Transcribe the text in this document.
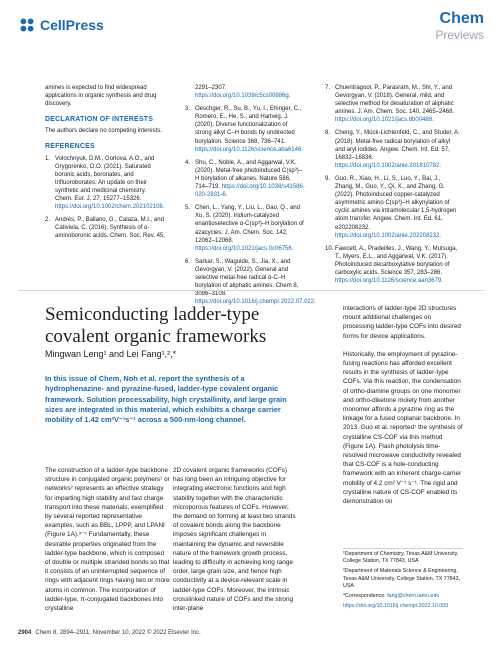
CellPress	Chem
Previews

amines is expected to find widespread applications in organic synthesis and drug discovery.

DECLARATION OF INTERESTS

The authors declare no competing interests.

REFERENCES
1. Volochnyuk, D.M., Gorlova, A.O., and Grygorenko, O.O. (2021). Saturated boronic acids, boronates, and trifluoroborates: An update on their synthetic and medicinal chemistry. Chem. Eur. J. 27, 15277–15326. https://doi.org/10.1002/chem.202102108.
2. Andrés, P., Ballano, G., Calaza, M.I., and Cativiela, C. (2016). Synthesis of α-aminoboronic acids. Chem. Soc. Rev. 45,
2291–2307. https://doi.org/10.1039/c5cs00886g.
3. Oeschger, R., Su, B., Yu, I., Ehinger, C., Romero, E., He, S., and Hartwig, J. (2020). Diverse functionalization of strong alkyl C–H bonds by undirected borylation. Science 368, 736–741. https://doi.org/10.1126/science.aba6146.
4. Shu, C., Noble, A., and Aggarwal, V.K. (2020). Metal-free photoinduced C(sp³)–H borylation of alkanes. Nature 586, 714–719. https://doi.org/10.1038/s41586-020-2831-6.
5. Chen, L., Yang, Y., Liu, L., Gao, Q., and Xu, S. (2020). Iridium-catalyzed enantioselective α-C(sp³)–H borylation of azacycles. J. Am. Chem. Soc. 142, 12062–12068. https://doi.org/10.1021/jacs.0c06756.
6. Sarkar, S., Wagulde, S., Jia, X., and Gevorgyan, V. (2022). General and selective metal-free radical α-C–H borylation of aliphatic amines. Chem 8, 3096–3108. https://doi.org/10.1016/j.chempr.2022.07.022.
7. Chuentragool, P., Parasram, M., Shi, Y., and Gevorgyan, V. (2018). General, mild, and selective method for desaturation of aliphatic amines. J. Am. Chem. Soc. 140, 2465–2468. https://doi.org/10.1021/jacs.8b00488.
8. Cheng, Y., Mück-Lichtenfeld, C., and Studer, A. (2018). Metal-free radical borylation of alkyl and aryl iodides. Angew. Chem. Int. Ed. 57, 16832–16836. https://doi.org/10.1002/anie.201810782.
9. Guo, R., Xiao, H., Li, S., Luo, Y., Bai, J., Zhang, M., Guo, Y., Qi, X., and Zhang, G. (2022). Photoinduced copper-catalyzed asymmetric amino C(sp³)–H alkynylation of cyclic amines via intramolecular 1,5-hydrogen atom transfer. Angew. Chem. Int. Ed. 61, e202208232. https://doi.org/10.1002/anie.202208232.
10. Fawcett, A., Pradeilles, J., Wang, Y., Mutsuga, T., Myers, E.L., and Aggarwal, V.K. (2017). Photoinduced decarboxylative borylation of carboxylic acids. Science 357, 283–286. https://doi.org/10.1126/science.aan3679.
Semiconducting ladder-type covalent organic frameworks
Mingwan Leng¹ and Lei Fang¹,²,*
In this issue of Chem, Noh et al. report the synthesis of a hydrophenazine- and pyrazine-fused, ladder-type covalent organic framework. Solution processability, high crystallinity, and large grain sizes are integrated in this material, which exhibits a charge carrier mobility of 1.42 cm²V⁻¹s⁻¹ across a 500-nm-long channel.
The construction of a ladder-type backbone structure in conjugated organic polymers¹ or networks² represents an effective strategy for imparting high stability and fast charge transport into these materials, exemplified by several reported representative examples, such as BBL, LPPP, and LPANI (Figure 1A).³⁻⁵ Fundamentally, these desirable properties originated from the ladder-type backbone, which is composed of double or multiple stranded bonds so that it consists of an uninterrupted sequence of rings with adjacent rings having two or more atoms in common. The incorporation of ladder-type, π-conjugated backbones into crystalline
2D covalent organic frameworks (COFs) has long been an intriguing objective for integrating electronic functions and high stability together with the characteristic microporous features of COFs. However, the demand on forming at least two strands of covalent bonds along the backbone imposes significant challenges in maintaining the dynamic and reversible nature of the framework growth process, leading to difficulty in achieving long range order, large grain size, and hence high conductivity at a device-relevant scale in ladder-type COFs. Moreover, the intrinsic crosslinked nature of COFs and the strong inter-plane

interactions of ladder-type 2D structures mount additional challenges on processing ladder-type COFs into desired forms for device applications.

Historically, the employment of pyrazine-fusing reactions has afforded excellent results in the synthesis of ladder-type COFs. Via this reaction, the condensation of ortho-diamine groups on one monomer and ortho-diketone moiety from another monomer affords a pyrazine ring as the linkage for a fused coplanar backbone. In 2013, Guo et al. reported⁷ the synthesis of crystalline CS-COF via this method (Figure 1A). Flash photolysis time-resolved microwave conductivity revealed that CS-COF is a hole-conducting framework with an inherent charge-carrier mobility of 4.2 cm² V⁻¹ s⁻¹. The rigid and crystalline nature of CS-COF enabled its demonstration on

¹Department of Chemistry, Texas A&M University, College Station, TX 77843, USA

²Department of Materials Science & Engineering, Texas A&M University, College Station, TX 77843, USA

*Correspondence: fang@chem.tamu.edu

https://doi.org/10.1016/j.chempr.2022.10.009

2904 Chem 8, 2894–2911, November 10, 2022 © 2022 Elsevier Inc.
